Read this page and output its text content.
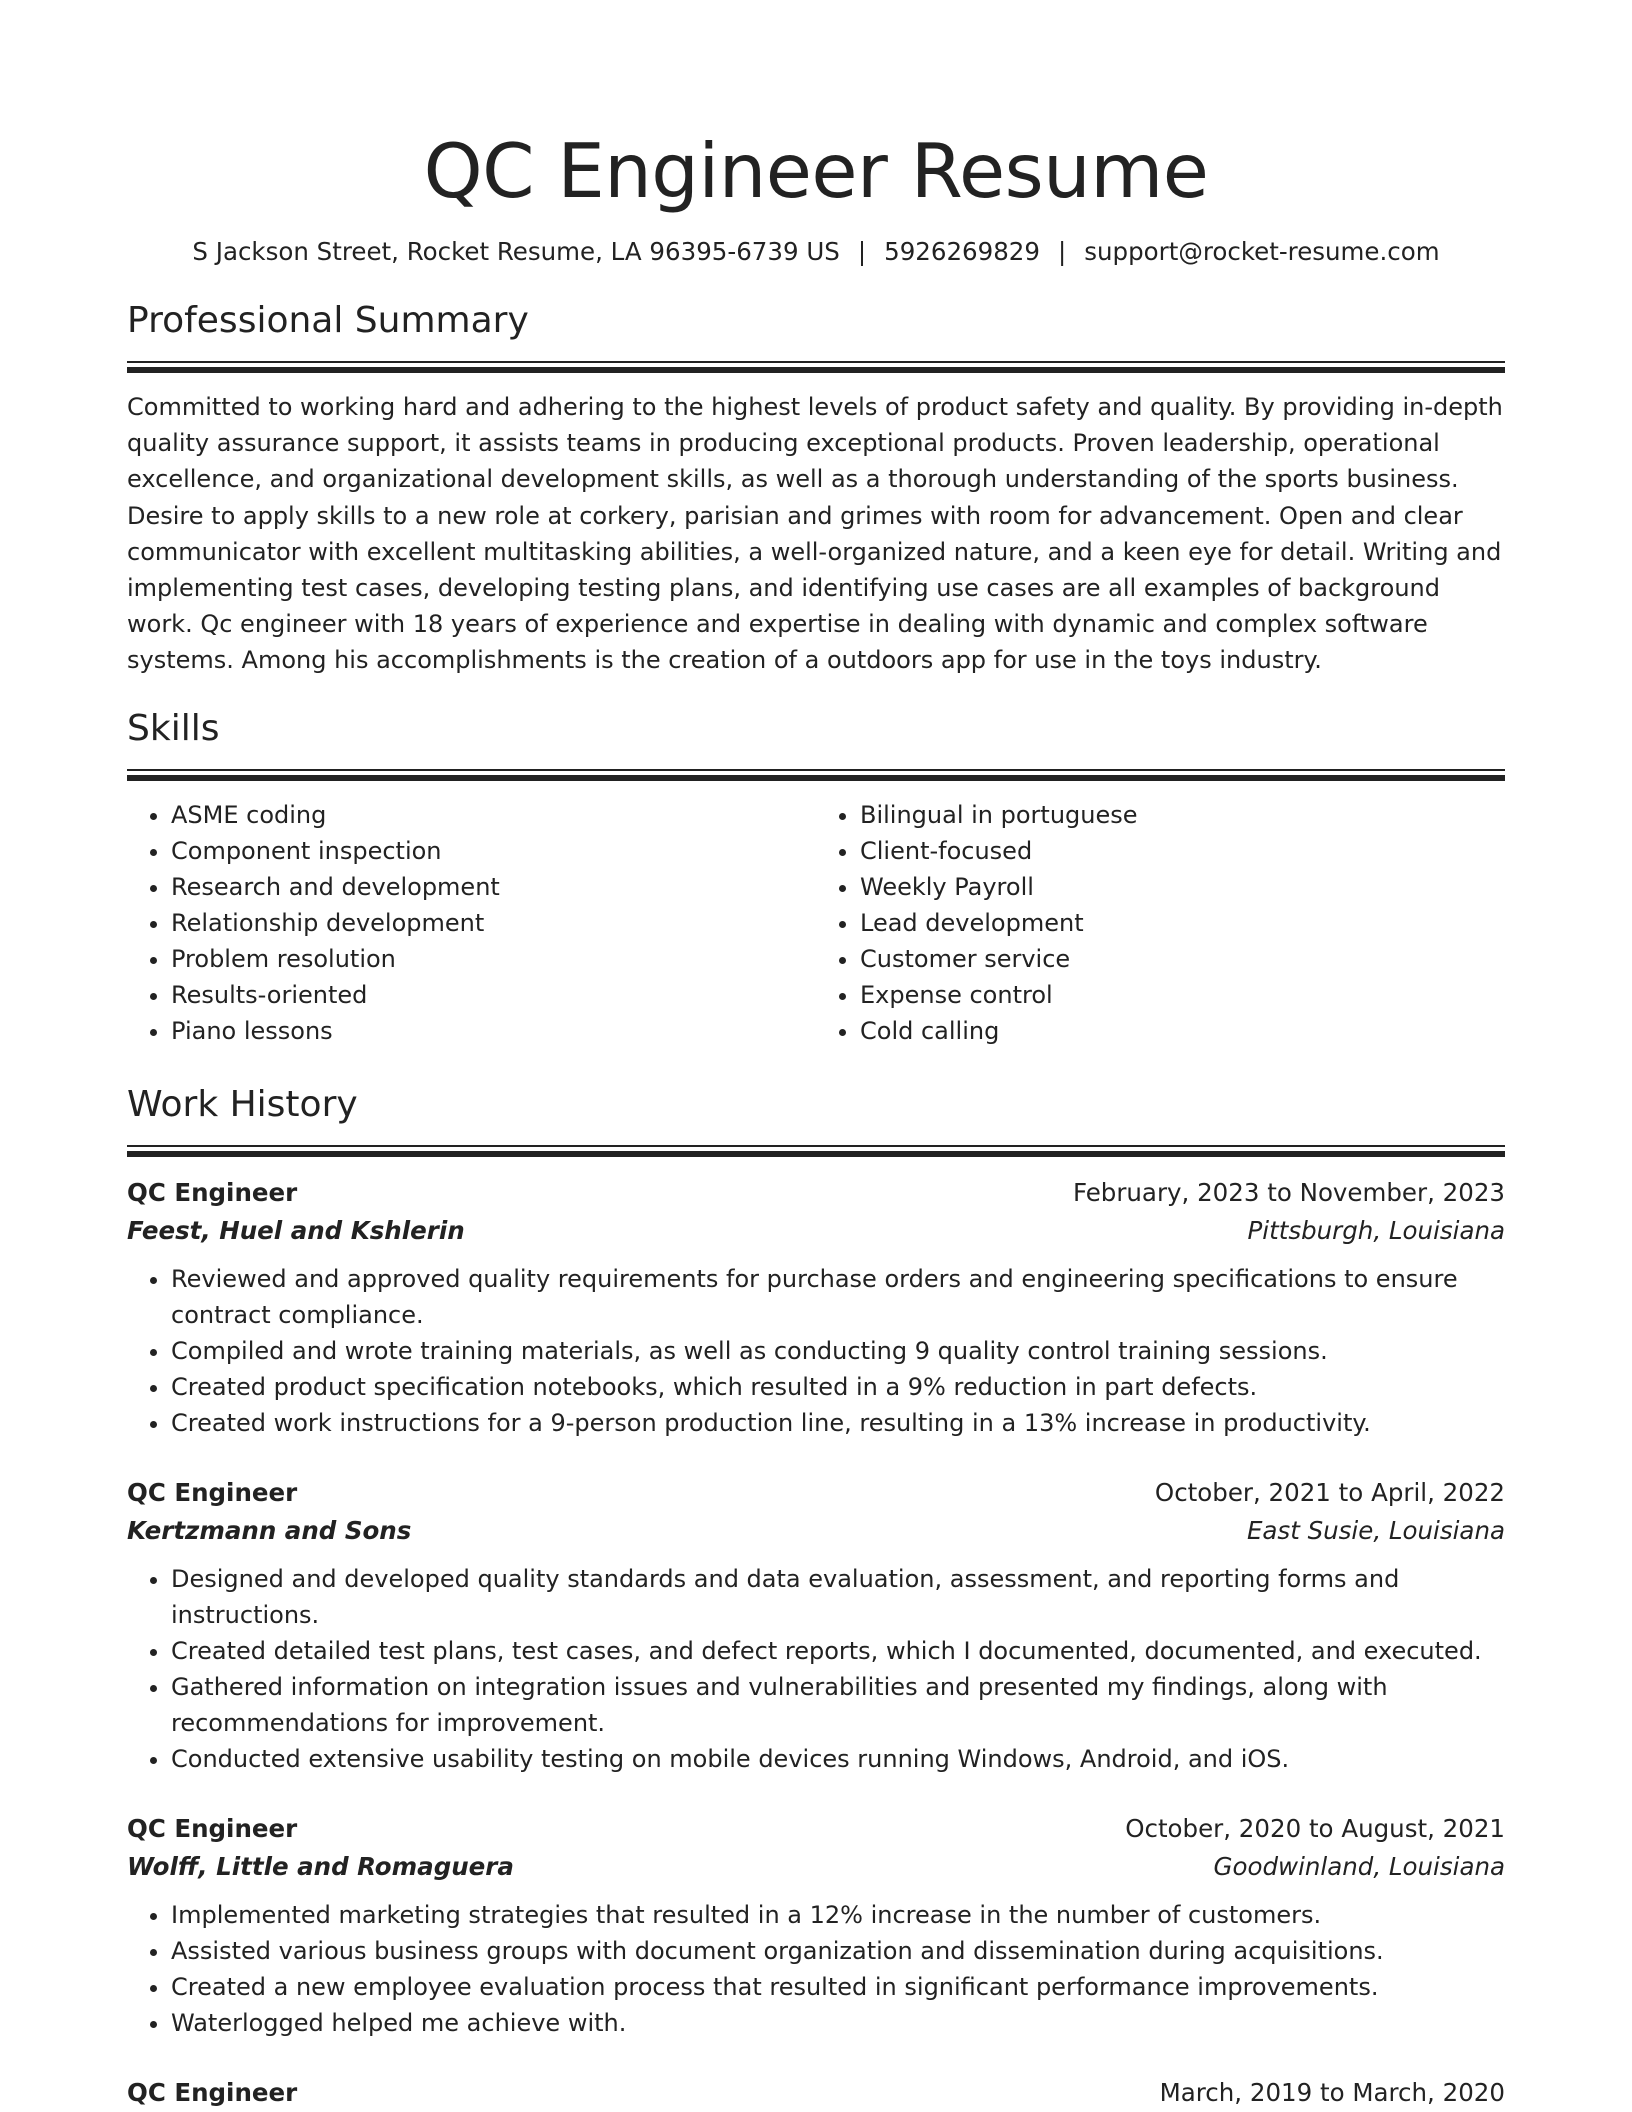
QC Engineer Resume
S Jackson Street, Rocket Resume, LA 96395-6739 US | 5926269829 | support@rocket-resume.com
Professional Summary

Committed to working hard and adhering to the highest levels of product safety and quality. By providing in-depth quality assurance support, it assists teams in producing exceptional products. Proven leadership, operational excellence, and organizational development skills, as well as a thorough understanding of the sports business. Desire to apply skills to a new role at corkery, parisian and grimes with room for advancement. Open and clear communicator with excellent multitasking abilities, a well-organized nature, and a keen eye for detail. Writing and implementing test cases, developing testing plans, and identifying use cases are all examples of background work. Qc engineer with 18 years of experience and expertise in dealing with dynamic and complex software systems. Among his accomplishments is the creation of a outdoors app for use in the toys industry.

Skills
• ASME coding
• Component inspection
• Research and development
• Relationship development
• Problem resolution
• Results-oriented
• Piano lessons
• Bilingual in portuguese
• Client-focused
• Weekly Payroll
• Lead development
• Customer service
• Expense control
• Cold calling
Work History
QC Engineer	February, 2023 to November, 2023
Feest, Huel and Kshlerin	Pittsburgh, Louisiana
• Reviewed and approved quality requirements for purchase orders and engineering specifications to ensure contract compliance.
• Compiled and wrote training materials, as well as conducting 9 quality control training sessions.
• Created product specification notebooks, which resulted in a 9% reduction in part defects.
• Created work instructions for a 9-person production line, resulting in a 13% increase in productivity.
QC Engineer	October, 2021 to April, 2022
Kertzmann and Sons	East Susie, Louisiana
• Designed and developed quality standards and data evaluation, assessment, and reporting forms and instructions.
• Created detailed test plans, test cases, and defect reports, which I documented, documented, and executed.
• Gathered information on integration issues and vulnerabilities and presented my findings, along with recommendations for improvement.
• Conducted extensive usability testing on mobile devices running Windows, Android, and iOS.
QC Engineer	October, 2020 to August, 2021
Wolff, Little and Romaguera	Goodwinland, Louisiana
• Implemented marketing strategies that resulted in a 12% increase in the number of customers.
• Assisted various business groups with document organization and dissemination during acquisitions.
• Created a new employee evaluation process that resulted in significant performance improvements.
• Waterlogged helped me achieve with.
QC Engineer	March, 2019 to March, 2020
